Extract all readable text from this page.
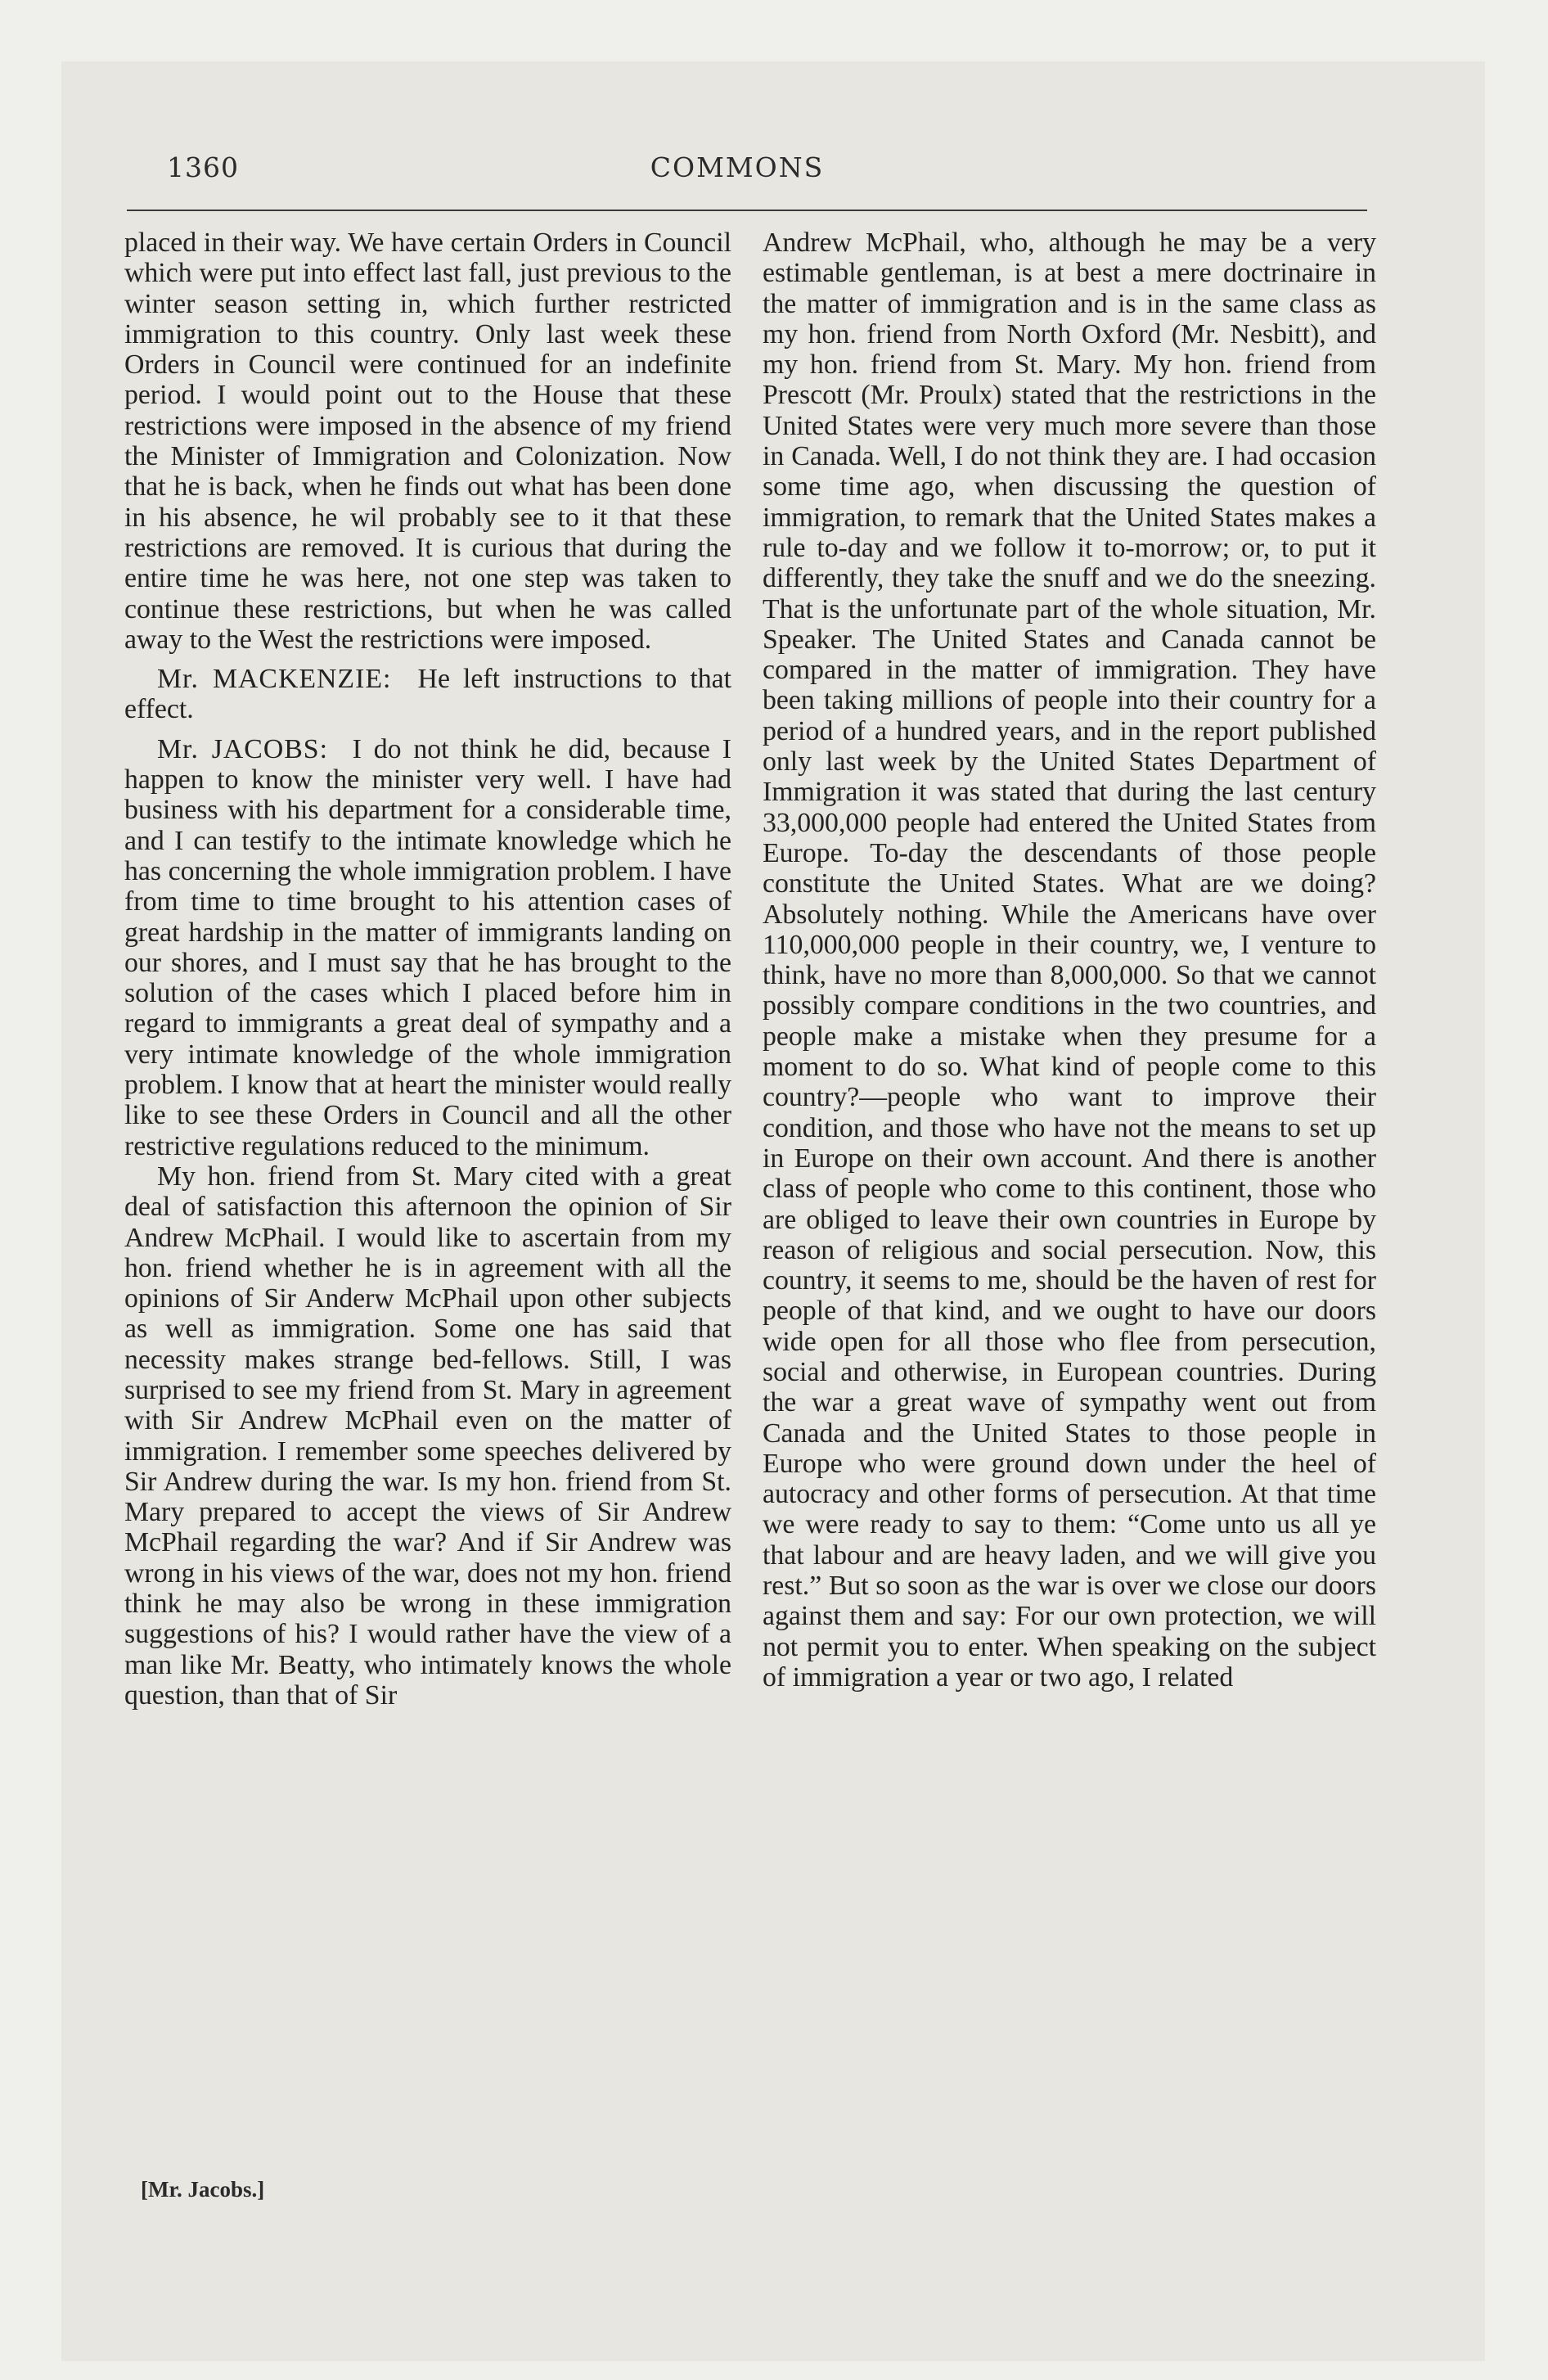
1360	COMMONS

placed in their way. We have certain Orders in Council which were put into effect last fall, just previous to the winter season setting in, which further restricted immigration to this country. Only last week these Orders in Council were continued for an indefinite period. I would point out to the House that these restrictions were imposed in the absence of my friend the Minister of Immigration and Colonization. Now that he is back, when he finds out what has been done in his absence, he wil probably see to it that these restrictions are removed. It is curious that during the entire time he was here, not one step was taken to continue these restrictions, but when he was called away to the West the restrictions were imposed.

Mr. MACKENZIE: He left instructions to that effect.

Mr. JACOBS: I do not think he did, because I happen to know the minister very well. I have had business with his department for a considerable time, and I can testify to the intimate knowledge which he has concerning the whole immigration problem. I have from time to time brought to his attention cases of great hardship in the matter of immigrants landing on our shores, and I must say that he has brought to the solution of the cases which I placed before him in regard to immigrants a great deal of sympathy and a very intimate knowledge of the whole immigration problem. I know that at heart the minister would really like to see these Orders in Council and all the other restrictive regulations reduced to the minimum.

My hon. friend from St. Mary cited with a great deal of satisfaction this afternoon the opinion of Sir Andrew McPhail. I would like to ascertain from my hon. friend whether he is in agreement with all the opinions of Sir Anderw McPhail upon other subjects as well as immigration. Some one has said that necessity makes strange bed-fellows. Still, I was surprised to see my friend from St. Mary in agreement with Sir Andrew McPhail even on the matter of immigration. I remember some speeches delivered by Sir Andrew during the war. Is my hon. friend from St. Mary prepared to accept the views of Sir Andrew McPhail regarding the war? And if Sir Andrew was wrong in his views of the war, does not my hon. friend think he may also be wrong in these immigration suggestions of his? I would rather have the view of a man like Mr. Beatty, who intimately knows the whole question, than that of Sir

Andrew McPhail, who, although he may be a very estimable gentleman, is at best a mere doctrinaire in the matter of immigration and is in the same class as my hon. friend from North Oxford (Mr. Nesbitt), and my hon. friend from St. Mary. My hon. friend from Prescott (Mr. Proulx) stated that the restrictions in the United States were very much more severe than those in Canada. Well, I do not think they are. I had occasion some time ago, when discussing the question of immigration, to remark that the United States makes a rule to-day and we follow it to-morrow; or, to put it differently, they take the snuff and we do the sneezing. That is the unfortunate part of the whole situation, Mr. Speaker. The United States and Canada cannot be compared in the matter of immigration. They have been taking millions of people into their country for a period of a hundred years, and in the report published only last week by the United States Department of Immigration it was stated that during the last century 33,000,000 people had entered the United States from Europe. To-day the descendants of those people constitute the United States. What are we doing? Absolutely nothing. While the Americans have over 110,000,000 people in their country, we, I venture to think, have no more than 8,000,000. So that we cannot possibly compare conditions in the two countries, and people make a mistake when they presume for a moment to do so. What kind of people come to this country?—people who want to improve their condition, and those who have not the means to set up in Europe on their own account. And there is another class of people who come to this continent, those who are obliged to leave their own countries in Europe by reason of religious and social persecution. Now, this country, it seems to me, should be the haven of rest for people of that kind, and we ought to have our doors wide open for all those who flee from persecution, social and otherwise, in European countries. During the war a great wave of sympathy went out from Canada and the United States to those people in Europe who were ground down under the heel of autocracy and other forms of persecution. At that time we were ready to say to them: “Come unto us all ye that labour and are heavy laden, and we will give you rest.” But so soon as the war is over we close our doors against them and say: For our own protection, we will not permit you to enter. When speaking on the subject of immigration a year or two ago, I related

[Mr. Jacobs.]
